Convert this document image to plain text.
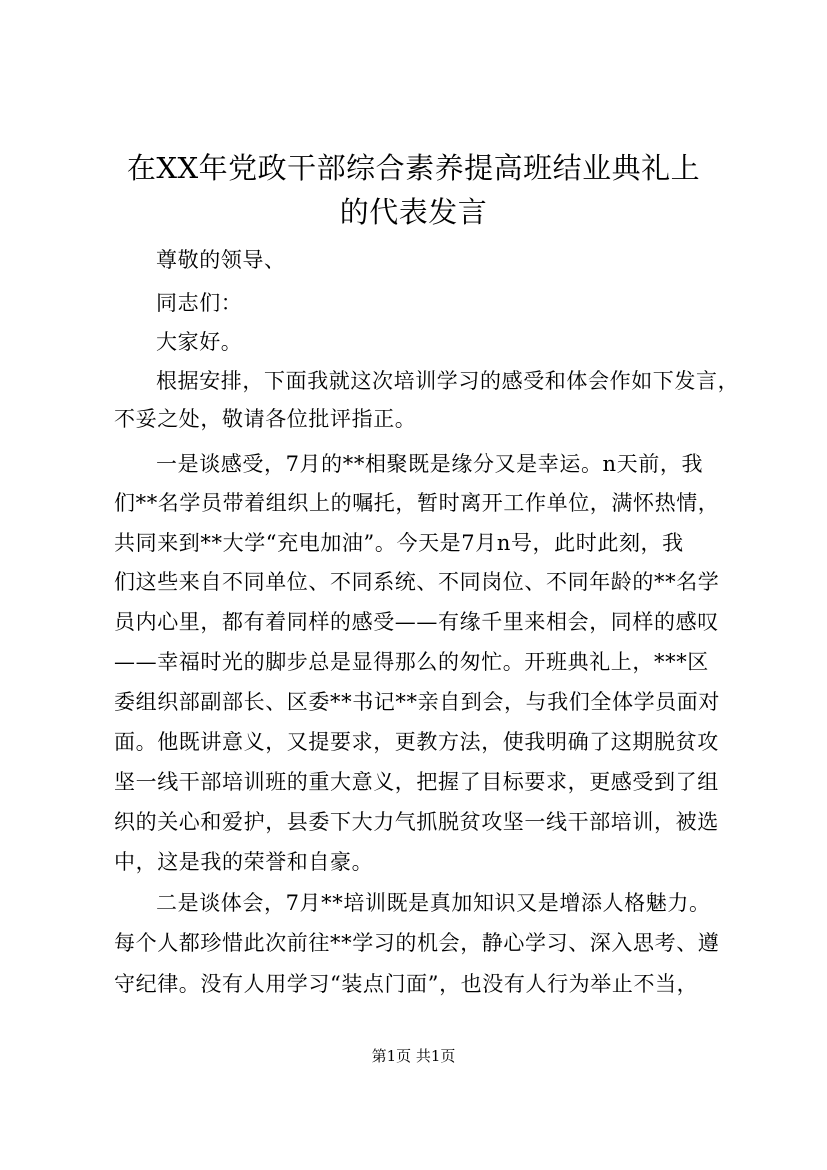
在XX年党政干部综合素养提高班结业典礼上
的代表发言
尊敬的领导、
同志们：
大家好。
根据安排，下面我就这次培训学习的感受和体会作如下发言，
不妥之处，敬请各位批评指正。
一是谈感受，7月的**相聚既是缘分又是幸运。n天前，我
们**名学员带着组织上的嘱托，暂时离开工作单位，满怀热情，
共同来到**大学“充电加油”。今天是7月n号，此时此刻，我
们这些来自不同单位、不同系统、不同岗位、不同年龄的**名学
员内心里，都有着同样的感受——有缘千里来相会，同样的感叹
——幸福时光的脚步总是显得那么的匆忙。开班典礼上，***区
委组织部副部长、区委**书记**亲自到会，与我们全体学员面对
面。他既讲意义，又提要求，更教方法，使我明确了这期脱贫攻
坚一线干部培训班的重大意义，把握了目标要求，更感受到了组
织的关心和爱护，县委下大力气抓脱贫攻坚一线干部培训，被选
中，这是我的荣誉和自豪。
二是谈体会，7月**培训既是真加知识又是增添人格魅力。
每个人都珍惜此次前往**学习的机会，静心学习、深入思考、遵
守纪律。没有人用学习“装点门面”，也没有人行为举止不当，
第1页 共1页
